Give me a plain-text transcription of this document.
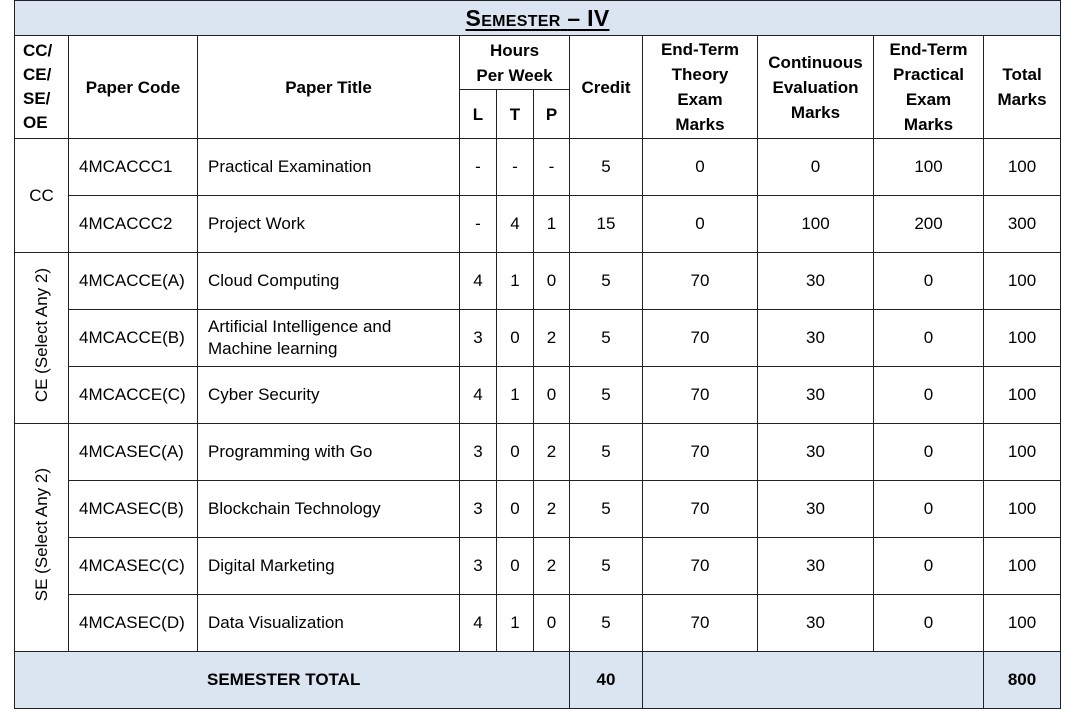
Semester – IV										

CC/
CE/
SE/
OE	Paper Code	Paper Title	Hours Per Week			Credit	End-Term Theory Exam Marks	Continuous Evaluation Marks	End-Term Practical Exam Marks	Total Marks
			L	T	P					
CC	4MCACCC1	Practical Examination	-	-	-	5	0	0	100	100
	4MCACCC2	Project Work	-	4	1	15	0	100	200	300
CE (Select Any 2)	4MCACCE(A)	Cloud Computing	4	1	0	5	70	30	0	100
	4MCACCE(B)	Artificial Intelligence and Machine learning	3	0	2	5	70	30	0	100
	4MCACCE(C)	Cyber Security	4	1	0	5	70	30	0	100
SE (Select Any 2)	4MCASEC(A)	Programming with Go	3	0	2	5	70	30	0	100
	4MCASEC(B)	Blockchain Technology	3	0	2	5	70	30	0	100
	4MCASEC(C)	Digital Marketing	3	0	2	5	70	30	0	100
	4MCASEC(D)	Data Visualization	4	1	0	5	70	30	0	100
SEMESTER TOTAL						40				800
